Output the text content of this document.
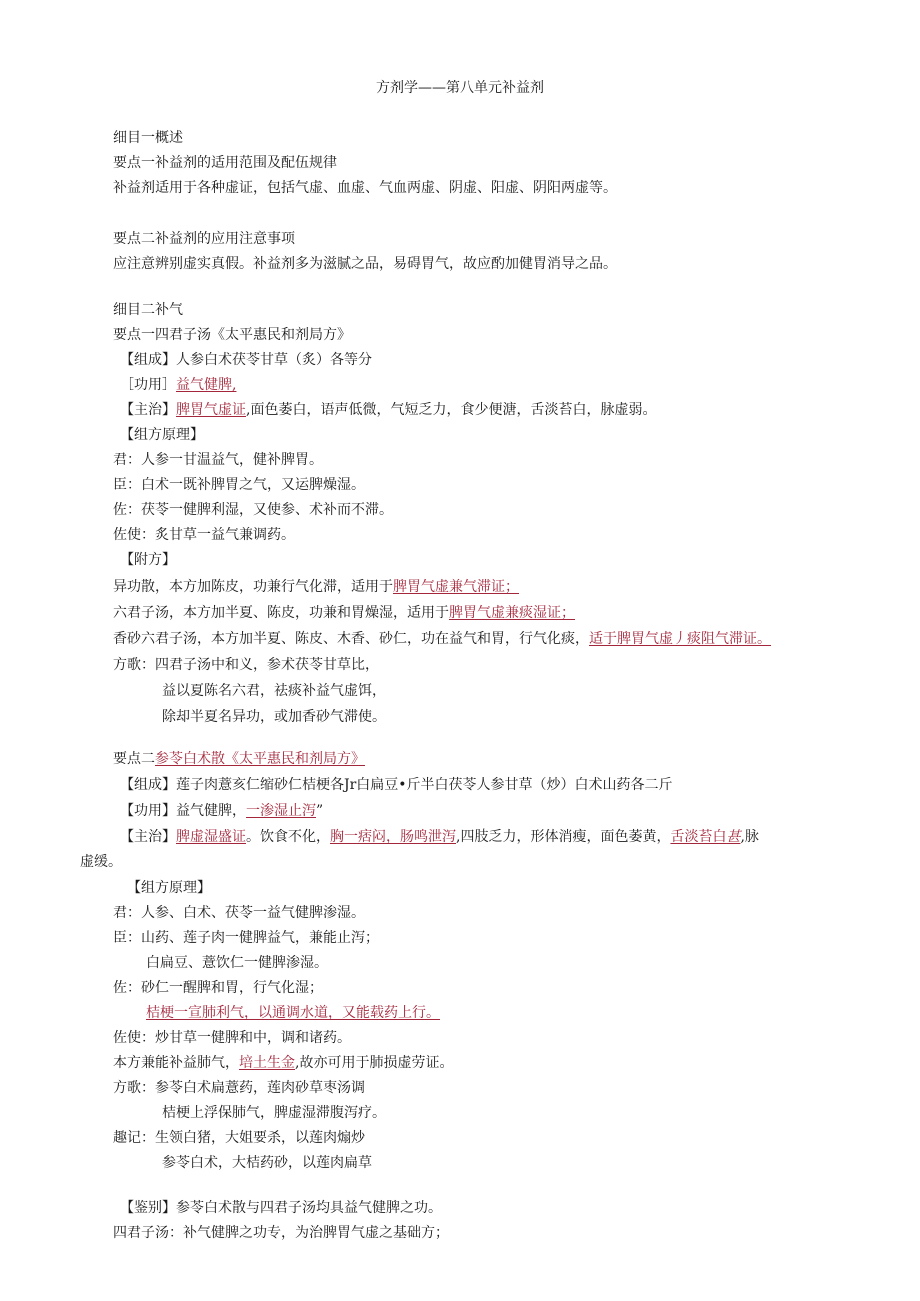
方剂学——第八单元补益剂
细目一概述
要点一补益剂的适用范围及配伍规律
补益剂适用于各种虚证，包括气虚、血虚、气血两虚、阴虚、阳虚、阴阳两虚等。
要点二补益剂的应用注意事项
应注意辨别虚实真假。补益剂多为滋腻之品，易碍胃气，故应酌加健胃消导之品。
细目二补气
要点一四君子汤《太平惠民和剂局方》
【组成】人参白术茯苓甘草（炙）各等分
［功用］益气健脾,
【主治】脾胃气虚证,面色萎白，语声低微，气短乏力，食少便溏，舌淡苔白，脉虚弱。
【组方原理】
君：人参一甘温益气，健补脾胃。
臣：白术一既补脾胃之气，又运脾燥湿。
佐：茯苓一健脾利湿，又使参、术补而不滞。
佐使：炙甘草一益气兼调药。
【附方】
异功散，本方加陈皮，功兼行气化滞，适用于脾胃气虚兼气滞证；
六君子汤，本方加半夏、陈皮，功兼和胃燥湿，适用于脾胃气虚兼痰湿证；
香砂六君子汤，本方加半夏、陈皮、木香、砂仁，功在益气和胃，行气化痰，适于脾胃气虚丿痰阻气滞证。
方歌：四君子汤中和义，参术茯苓甘草比，
益以夏陈名六君，祛痰补益气虚饵，
除却半夏名异功，或加香砂气滞使。
要点二参苓白术散《太平惠民和剂局方》
【组成】莲子肉薏亥仁缩砂仁桔梗各Jr白扁豆•斤半白茯苓人参甘草（炒）白术山药各二斤
【功用】益气健脾，一渗湿止泻”
【主治】脾虚湿盛证。饮食不化，胸一痞闷，肠鸣泄泻,四肢乏力，形体消瘦，面色萎黄，舌淡苔白甚,脉
虚缓。
【组方原理】
君：人参、白术、茯苓一益气健脾渗湿。
臣：山药、莲子肉一健脾益气，兼能止泻；
白扁豆、薏饮仁一健脾渗湿。
佐：砂仁一醒脾和胃，行气化湿；
桔梗一宣肺利气，以通调水道，又能载药上行。
佐使：炒甘草一健脾和中，调和诸药。
本方兼能补益肺气，培土生金,故亦可用于肺损虚劳证。
方歌：参苓白术扁薏药，莲肉砂草枣汤调
桔梗上浮保肺气，脾虚湿滞腹泻疗。
趣记：生领白猪，大姐要杀，以莲肉煽炒
参苓白术，大桔药砂，以莲肉扁草
【鉴别】参苓白术散与四君子汤均具益气健脾之功。
四君子汤：补气健脾之功专，为治脾胃气虚之基础方；
